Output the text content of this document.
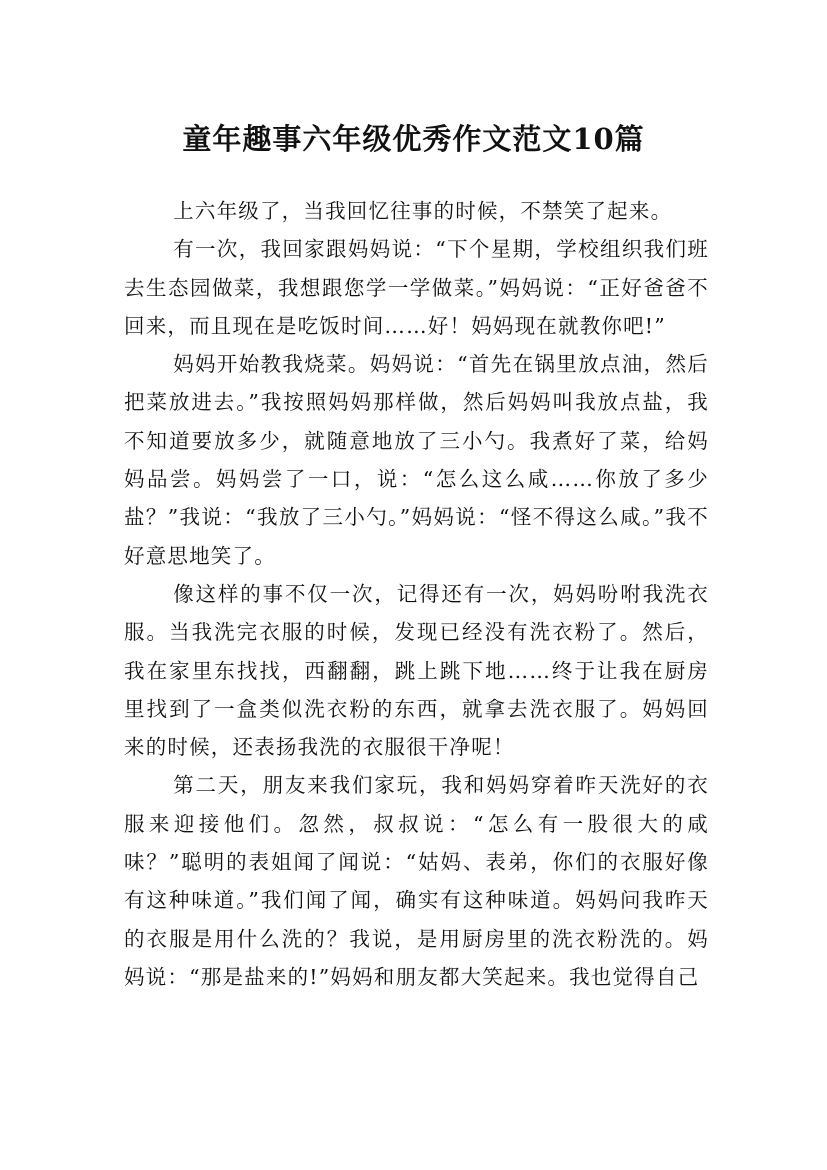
童年趣事六年级优秀作文范文10篇

上六年级了，当我回忆往事的时候，不禁笑了起来。

有一次，我回家跟妈妈说：“下个星期，学校组织我们班去生态园做菜，我想跟您学一学做菜。”妈妈说：“正好爸爸不回来，而且现在是吃饭时间……好！妈妈现在就教你吧!”

妈妈开始教我烧菜。妈妈说：“首先在锅里放点油，然后把菜放进去。”我按照妈妈那样做，然后妈妈叫我放点盐，我不知道要放多少，就随意地放了三小勺。我煮好了菜，给妈妈品尝。妈妈尝了一口，说：“怎么这么咸……你放了多少盐？”我说：“我放了三小勺。”妈妈说：“怪不得这么咸。”我不好意思地笑了。

像这样的事不仅一次，记得还有一次，妈妈吩咐我洗衣服。当我洗完衣服的时候，发现已经没有洗衣粉了。然后，我在家里东找找，西翻翻，跳上跳下地……终于让我在厨房里找到了一盒类似洗衣粉的东西，就拿去洗衣服了。妈妈回来的时候，还表扬我洗的衣服很干净呢！

第二天，朋友来我们家玩，我和妈妈穿着昨天洗好的衣服来迎接他们。忽然，叔叔说：“怎么有一股很大的咸味？”聪明的表姐闻了闻说：“姑妈、表弟，你们的衣服好像有这种味道。”我们闻了闻，确实有这种味道。妈妈问我昨天的衣服是用什么洗的？我说，是用厨房里的洗衣粉洗的。妈妈说：“那是盐来的!”妈妈和朋友都大笑起来。我也觉得自己
